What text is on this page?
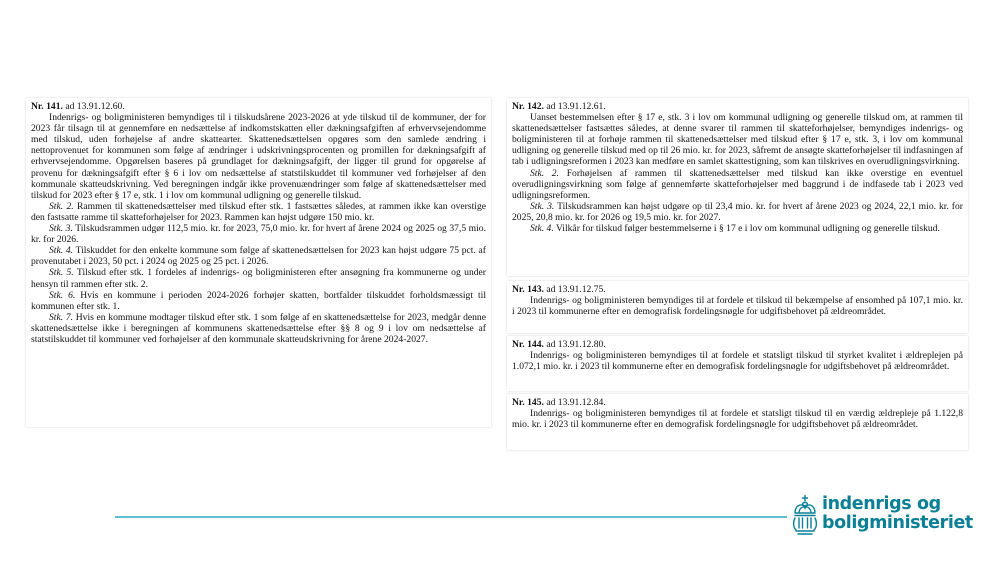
Nr. 141. ad 13.91.12.60.

Indenrigs- og boligministeren bemyndiges til i tilskudsårene 2023-2026 at yde tilskud til de kommuner, der for 2023 får tilsagn til at gennemføre en nedsættelse af indkomstskatten eller dækningsafgiften af erhvervsejendomme med tilskud, uden forhøjelse af andre skattearter. Skattenedsættelsen opgøres som den samlede ændring i nettoprovenuet for kommunen som følge af ændringer i udskrivningsprocenten og promillen for dækningsafgift af erhvervsejendomme. Opgørelsen baseres på grundlaget for dækningsafgift, der ligger til grund for opgørelse af provenu for dækningsafgift efter § 6 i lov om nedsættelse af statstilskuddet til kommuner ved forhøjelser af den kommunale skatteudskrivning. Ved beregningen indgår ikke provenuændringer som følge af skattenedsættelser med tilskud for 2023 efter § 17 e, stk. 1 i lov om kommunal udligning og generelle tilskud.

Stk. 2. Rammen til skattenedsættelser med tilskud efter stk. 1 fastsættes således, at rammen ikke kan overstige den fastsatte ramme til skatteforhøjelser for 2023. Rammen kan højst udgøre 150 mio. kr.

Stk. 3. Tilskudsrammen udgør 112,5 mio. kr. for 2023, 75,0 mio. kr. for hvert af årene 2024 og 2025 og 37,5 mio. kr. for 2026.

Stk. 4. Tilskuddet for den enkelte kommune som følge af skattenedsættelsen for 2023 kan højst udgøre 75 pct. af provenutabet i 2023, 50 pct. i 2024 og 2025 og 25 pct. i 2026.

Stk. 5. Tilskud efter stk. 1 fordeles af indenrigs- og boligministeren efter ansøgning fra kommunerne og under hensyn til rammen efter stk. 2.

Stk. 6. Hvis en kommune i perioden 2024-2026 forhøjer skatten, bortfalder tilskuddet forholdsmæssigt til kommunen efter stk. 1.

Stk. 7. Hvis en kommune modtager tilskud efter stk. 1 som følge af en skattenedsættelse for 2023, medgår denne skattenedsættelse ikke i beregningen af kommunens skattenedsættelse efter §§ 8 og 9 i lov om nedsættelse af statstilskuddet til kommuner ved forhøjelser af den kommunale skatteudskrivning for årene 2024-2027.

Nr. 142. ad 13.91.12.61.

Uanset bestemmelsen efter § 17 e, stk. 3 i lov om kommunal udligning og generelle tilskud om, at rammen til skattenedsættelser fastsættes således, at denne svarer til rammen til skatteforhøjelser, bemyndiges indenrigs- og boligministeren til at forhøje rammen til skattenedsættelser med tilskud efter § 17 e, stk. 3, i lov om kommunal udligning og generelle tilskud med op til 26 mio. kr. for 2023, såfremt de ansøgte skatteforhøjelser til indfasningen af tab i udligningsreformen i 2023 kan medføre en samlet skattestigning, som kan tilskrives en overudligningsvirkning.

Stk. 2. Forhøjelsen af rammen til skattenedsættelser med tilskud kan ikke overstige en eventuel overudligningsvirkning som følge af gennemførte skatteforhøjelser med baggrund i de indfasede tab i 2023 ved udligningsreformen.

Stk. 3. Tilskudsrammen kan højst udgøre op til 23,4 mio. kr. for hvert af årene 2023 og 2024, 22,1 mio. kr. for 2025, 20,8 mio. kr. for 2026 og 19,5 mio. kr. for 2027.

Stk. 4. Vilkår for tilskud følger bestemmelserne i § 17 e i lov om kommunal udligning og generelle tilskud.

Nr. 143. ad 13.91.12.75.

Indenrigs- og boligministeren bemyndiges til at fordele et tilskud til bekæmpelse af ensomhed på 107,1 mio. kr. i 2023 til kommunerne efter en demografisk fordelingsnøgle for udgiftsbehovet på ældreområdet.

Nr. 144. ad 13.91.12.80.

Indenrigs- og boligministeren bemyndiges til at fordele et statsligt tilskud til styrket kvalitet i ældreplejen på 1.072,1 mio. kr. i 2023 til kommunerne efter en demografisk fordelingsnøgle for udgiftsbehovet på ældreområdet.

Nr. 145. ad 13.91.12.84.

Indenrigs- og boligministeren bemyndiges til at fordele et statsligt tilskud til en værdig ældrepleje på 1.122,8 mio. kr. i 2023 til kommunerne efter en demografisk fordelingsnøgle for udgiftsbehovet på ældreområdet.

indenrigs og
boligministeriet
